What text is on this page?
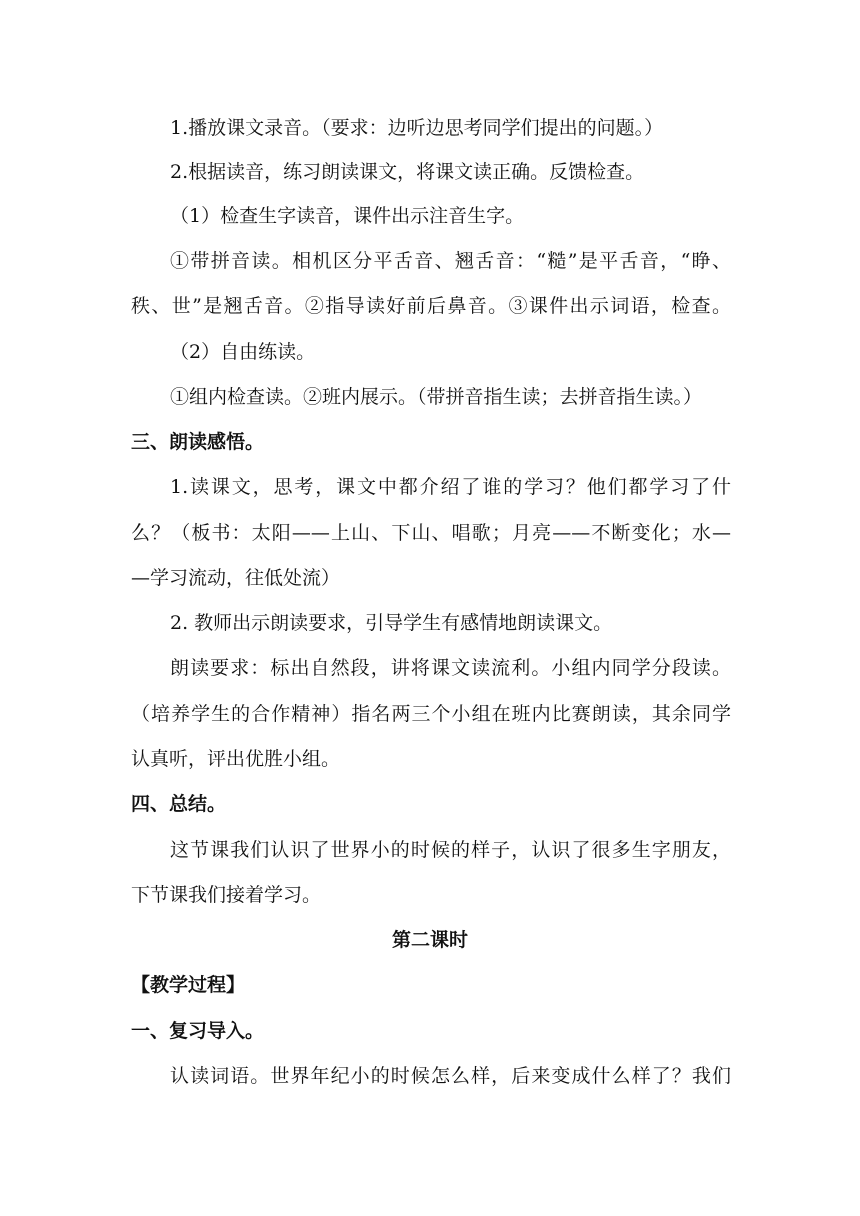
1.播放课文录音。（要求：边听边思考同学们提出的问题。）
2.根据读音，练习朗读课文，将课文读正确。反馈检查。
（1）检查生字读音，课件出示注音生字。
①带拼音读。相机区分平舌音、翘舌音：“糙”是平舌音，“睁、
秩、世”是翘舌音。②指导读好前后鼻音。③课件出示词语，检查。
（2）自由练读。
①组内检查读。②班内展示。（带拼音指生读；去拼音指生读。）
三、朗读感悟。
1.读课文，思考，课文中都介绍了谁的学习？他们都学习了什
么？（板书：太阳——上山、下山、唱歌；月亮——不断变化；水—
—学习流动，往低处流）
2. 教师出示朗读要求，引导学生有感情地朗读课文。
朗读要求：标出自然段，讲将课文读流利。小组内同学分段读。
（培养学生的合作精神）指名两三个小组在班内比赛朗读，其余同学
认真听，评出优胜小组。
四、总结。
这节课我们认识了世界小的时候的样子，认识了很多生字朋友，
下节课我们接着学习。
第二课时
【教学过程】
一、复习导入。
认读词语。世界年纪小的时候怎么样，后来变成什么样了？我们
